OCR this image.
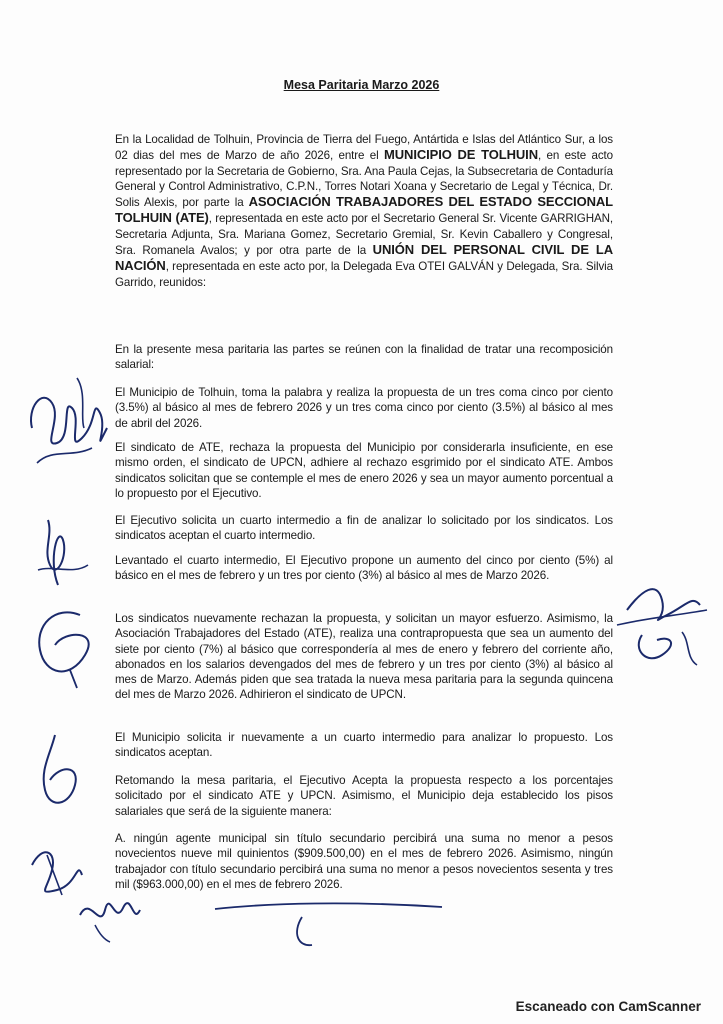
Mesa Paritaria Marzo 2026
En la Localidad de Tolhuin, Provincia de Tierra del Fuego, Antártida e Islas del Atlántico Sur, a los 02 dias del mes de Marzo de año 2026, entre el MUNICIPIO DE TOLHUIN, en este acto representado por la Secretaria de Gobierno, Sra. Ana Paula Cejas, la Subsecretaria de Contaduría General y Control Administrativo, C.P.N., Torres Notari Xoana y Secretario de Legal y Técnica, Dr. Solis Alexis, por parte la ASOCIACIÓN TRABAJADORES DEL ESTADO SECCIONAL TOLHUIN (ATE), representada en este acto por el Secretario General Sr. Vicente GARRIGHAN, Secretaria Adjunta, Sra. Mariana Gomez, Secretario Gremial, Sr. Kevin Caballero y Congresal, Sra. Romanela Avalos; y por otra parte de la UNIÓN DEL PERSONAL CIVIL DE LA NACIÓN, representada en este acto por, la Delegada Eva OTEI GALVÁN y Delegada, Sra. Silvia Garrido, reunidos:
En la presente mesa paritaria las partes se reúnen con la finalidad de tratar una recomposición salarial:
El Municipio de Tolhuin, toma la palabra y realiza la propuesta de un tres coma cinco por ciento (3.5%) al básico al mes de febrero 2026 y un tres coma cinco por ciento (3.5%) al básico al mes de abril del 2026.
El sindicato de ATE, rechaza la propuesta del Municipio por considerarla insuficiente, en ese mismo orden, el sindicato de UPCN, adhiere al rechazo esgrimido por el sindicato ATE. Ambos sindicatos solicitan que se contemple el mes de enero 2026 y sea un mayor aumento porcentual a lo propuesto por el Ejecutivo.
El Ejecutivo solicita un cuarto intermedio a fin de analizar lo solicitado por los sindicatos. Los sindicatos aceptan el cuarto intermedio.
Levantado el cuarto intermedio, El Ejecutivo propone un aumento del cinco por ciento (5%) al básico en el mes de febrero y un tres por ciento (3%) al básico al mes de Marzo 2026.
Los sindicatos nuevamente rechazan la propuesta, y solicitan un mayor esfuerzo. Asimismo, la Asociación Trabajadores del Estado (ATE), realiza una contrapropuesta que sea un aumento del siete por ciento (7%) al básico que correspondería al mes de enero y febrero del corriente año, abonados en los salarios devengados del mes de febrero y un tres por ciento (3%) al básico al mes de Marzo. Además piden que sea tratada la nueva mesa paritaria para la segunda quincena del mes de Marzo 2026. Adhirieron el sindicato de UPCN.
El Municipio solicita ir nuevamente a un cuarto intermedio para analizar lo propuesto. Los sindicatos aceptan.
Retomando la mesa paritaria, el Ejecutivo Acepta la propuesta respecto a los porcentajes solicitado por el sindicato ATE y UPCN. Asimismo, el Municipio deja establecido los pisos salariales que será de la siguiente manera:
A. ningún agente municipal sin título secundario percibirá una suma no menor a pesos novecientos nueve mil quinientos ($909.500,00) en el mes de febrero 2026. Asimismo, ningún trabajador con título secundario percibirá una suma no menor a pesos novecientos sesenta y tres mil ($963.000,00) en el mes de febrero 2026.
Escaneado con CamScanner
